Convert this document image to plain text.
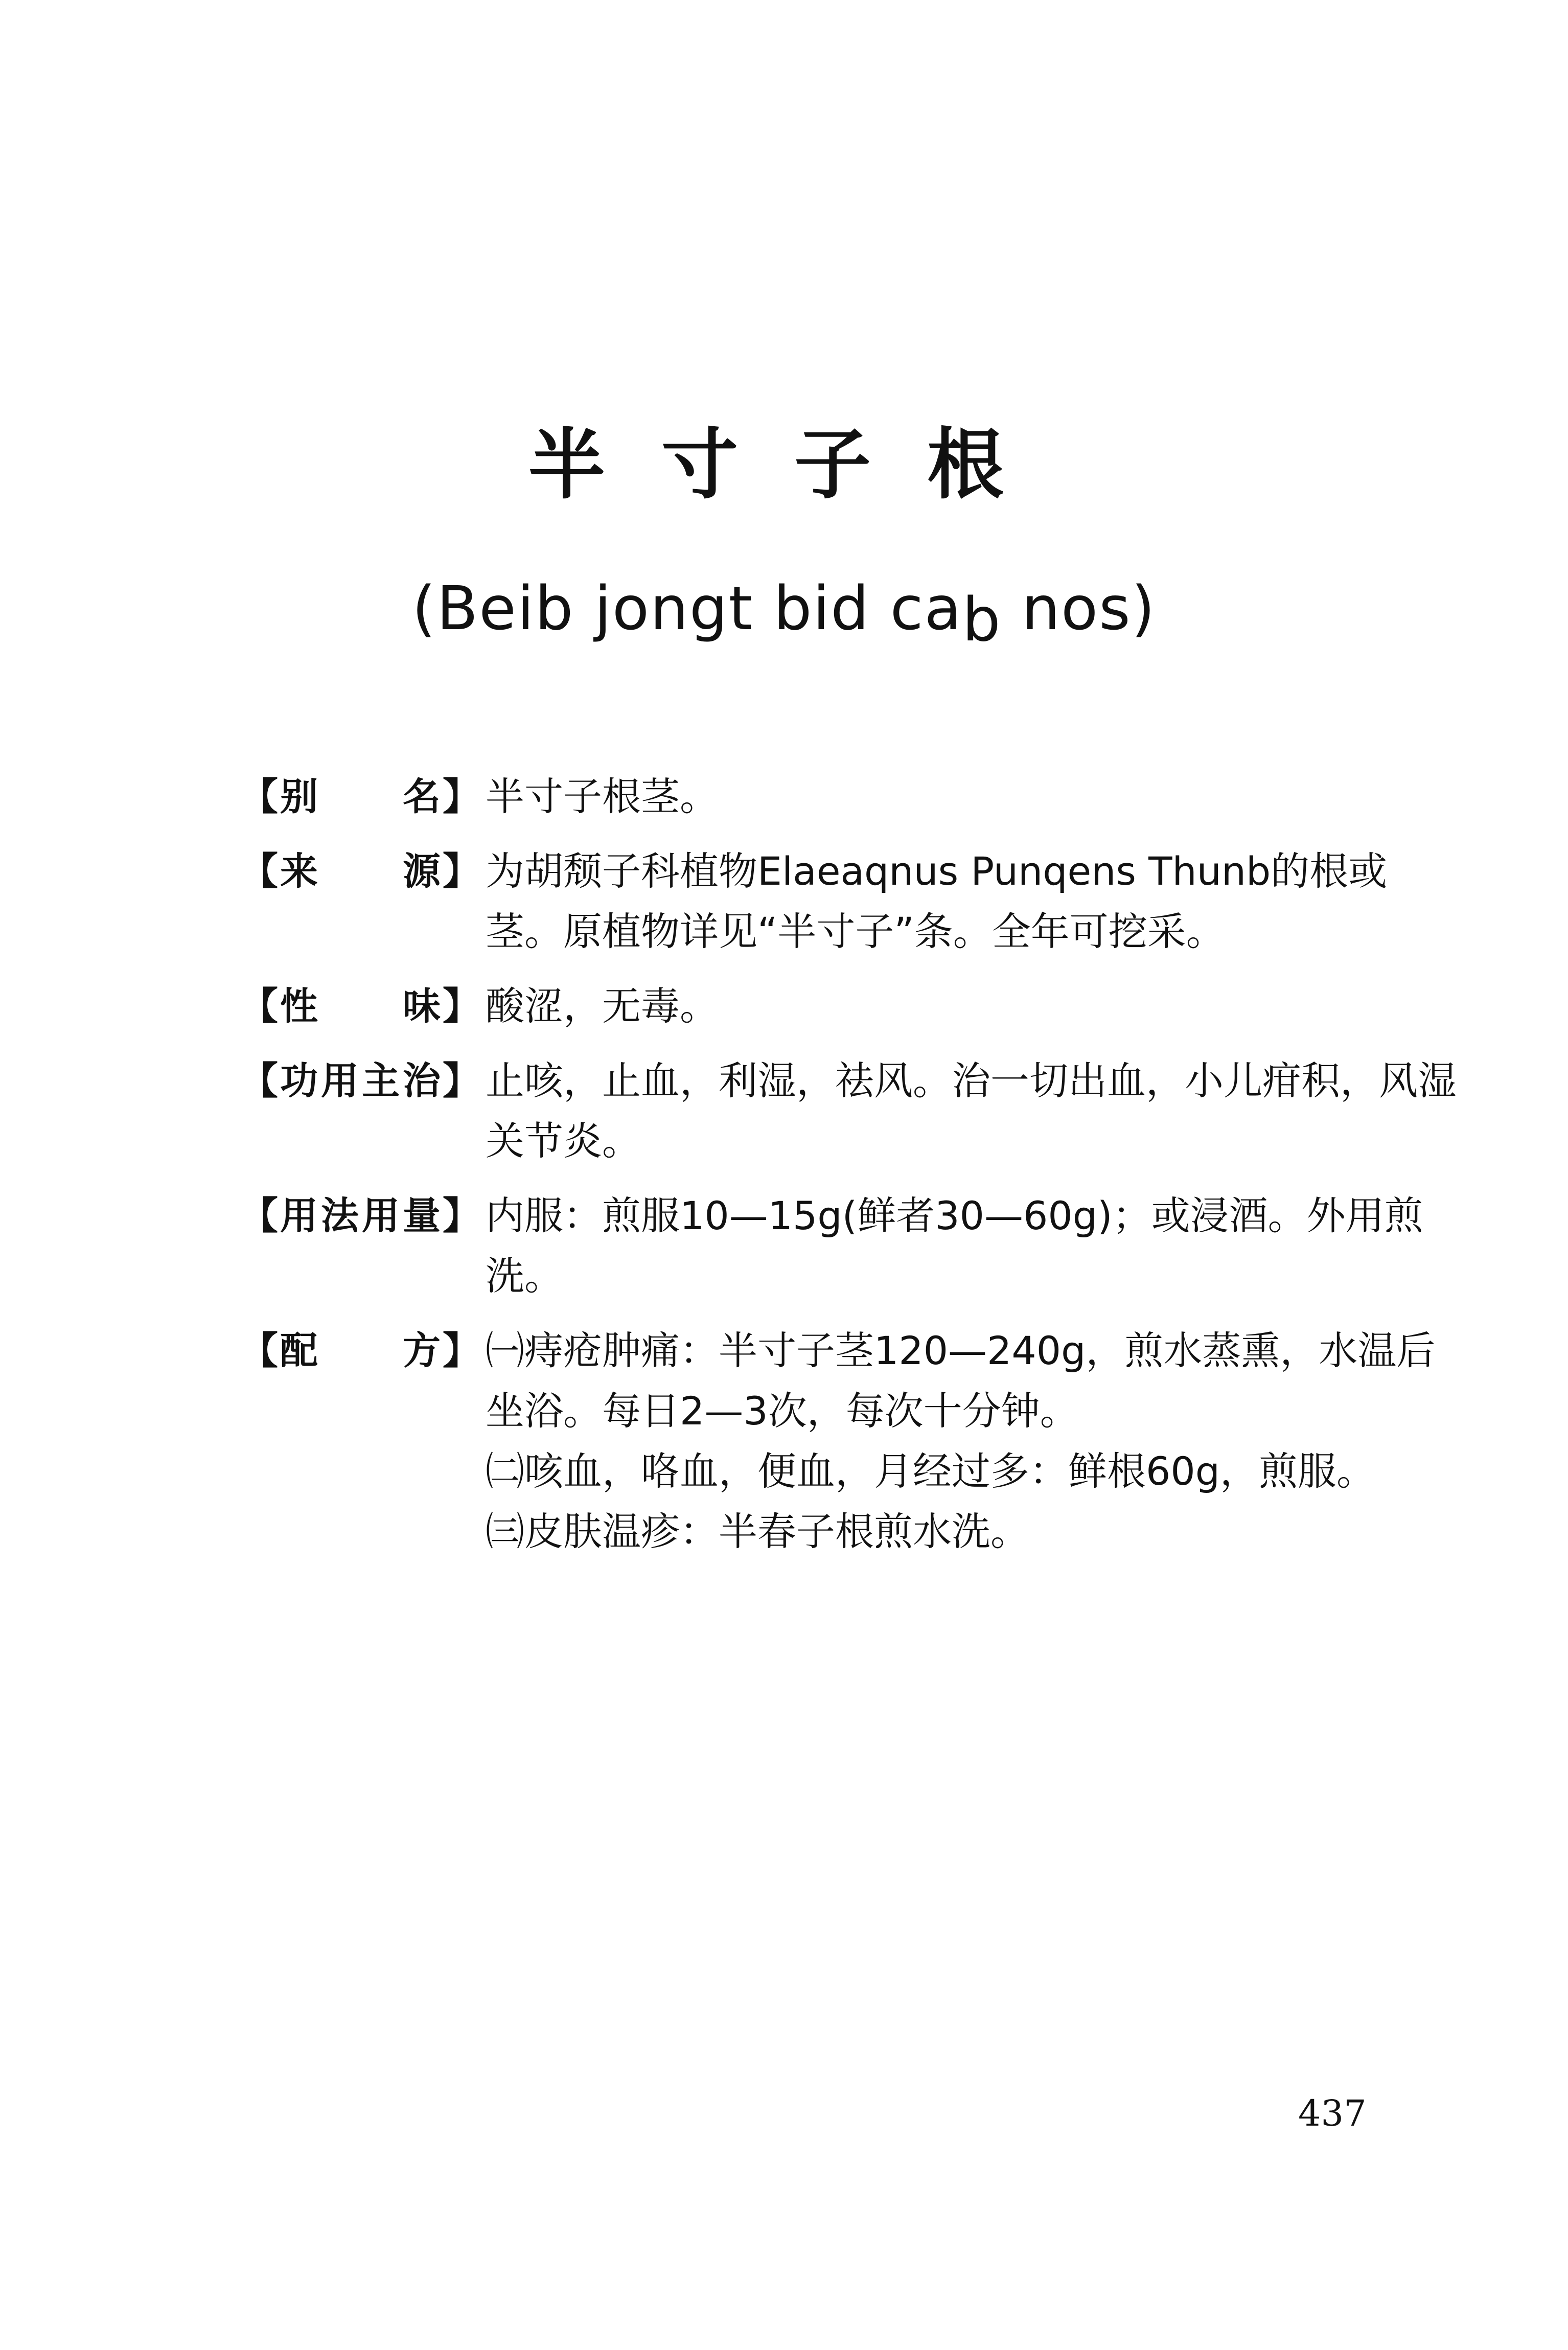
半寸子根
(Beib jongt bid cab nos)
【 别 名 】 半寸子根茎。

【 来 源 】 为胡颓子科植物Elaeaqnus Punqens Thunb的根或茎。原植物详见“半寸子”条。全年可挖采。

【 性 味 】 酸涩，无毒。

【 功 用 主 治 】 止咳，止血，利湿，祛风。治一切出血，小儿疳积，风湿关节炎。

【 用 法 用 量 】 内服：煎服10—15g(鲜者30—60g)；或浸酒。外用煎洗。

【 配 方 】 ㈠痔疮肿痛：半寸子茎120—240g，煎水蒸熏，水温后坐浴。每日2—3次，每次十分钟。

㈡咳血，咯血，便血，月经过多：鲜根60g，煎服。

㈢皮肤温疹：半春子根煎水洗。

437
